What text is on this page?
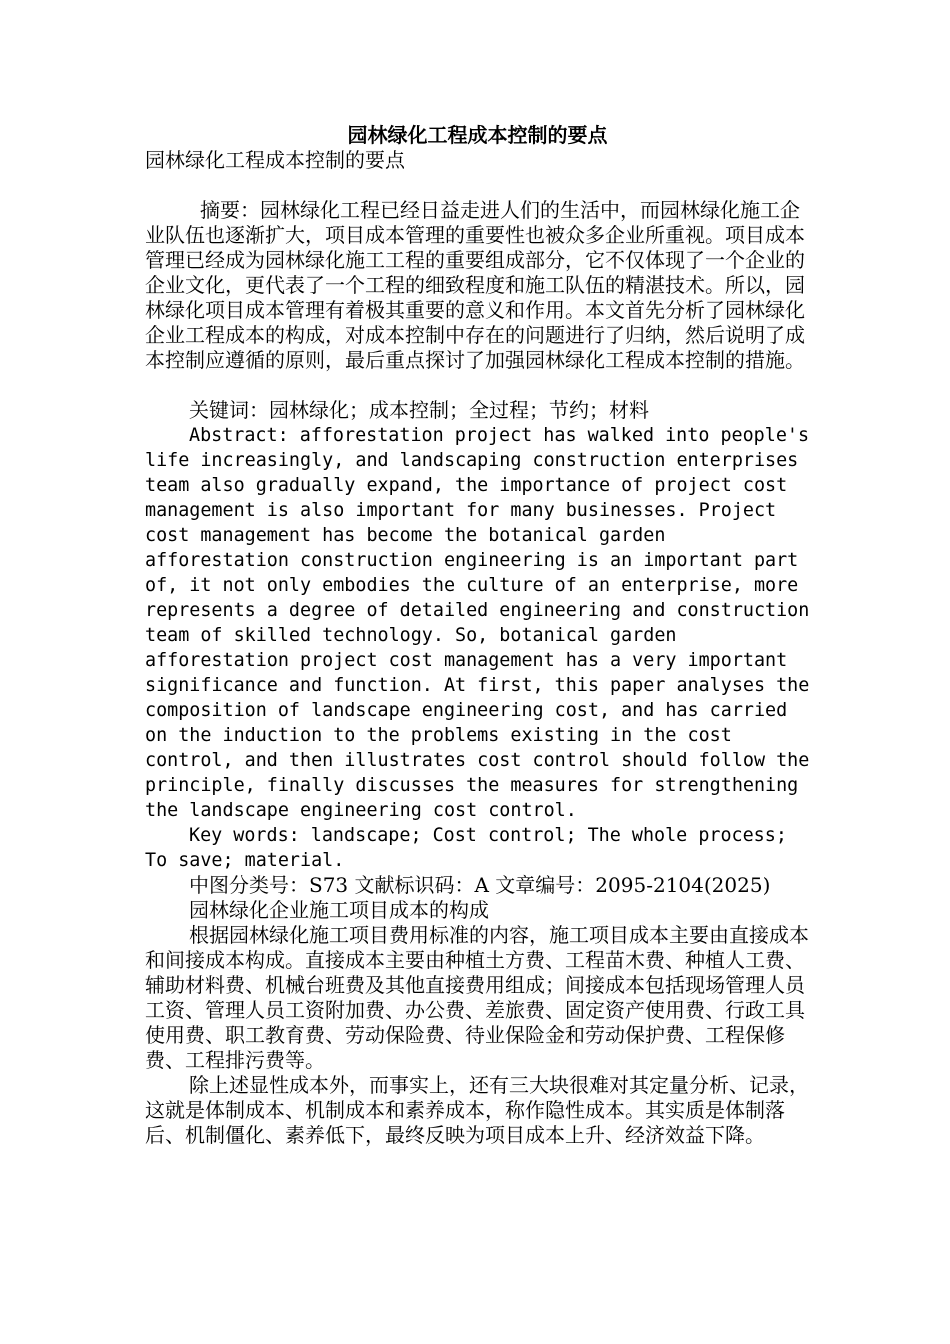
园林绿化工程成本控制的要点

园林绿化工程成本控制的要点

摘要：园林绿化工程已经日益走进人们的生活中，而园林绿化施工企业队伍也逐渐扩大，项目成本管理的重要性也被众多企业所重视。项目成本管理已经成为园林绿化施工工程的重要组成部分，它不仅体现了一个企业的企业文化，更代表了一个工程的细致程度和施工队伍的精湛技术。所以，园林绿化项目成本管理有着极其重要的意义和作用。本文首先分析了园林绿化企业工程成本的构成，对成本控制中存在的问题进行了归纳，然后说明了成本控制应遵循的原则，最后重点探讨了加强园林绿化工程成本控制的措施。

关键词：园林绿化；成本控制；全过程；节约；材料

Abstract: afforestation project has walked into people's life increasingly, and landscaping construction enterprises team also gradually expand, the importance of project cost management is also important for many businesses. Project cost management has become the botanical garden afforestation construction engineering is an important part of, it not only embodies the culture of an enterprise, more represents a degree of detailed engineering and construction team of skilled technology. So, botanical garden afforestation project cost management has a very important significance and function. At first, this paper analyses the composition of landscape engineering cost, and has carried on the induction to the problems existing in the cost control, and then illustrates cost control should follow the principle, finally discusses the measures for strengthening the landscape engineering cost control.

Key words: landscape; Cost control; The whole process; To save; material.

中图分类号：S73 文献标识码：A 文章编号：2095-2104(2025)

园林绿化企业施工项目成本的构成

根据园林绿化施工项目费用标准的内容，施工项目成本主要由直接成本和间接成本构成。直接成本主要由种植土方费、工程苗木费、种植人工费、辅助材料费、机械台班费及其他直接费用组成；间接成本包括现场管理人员工资、管理人员工资附加费、办公费、差旅费、固定资产使用费、行政工具使用费、职工教育费、劳动保险费、待业保险金和劳动保护费、工程保修费、工程排污费等。

除上述显性成本外，而事实上，还有三大块很难对其定量分析、记录，这就是体制成本、机制成本和素养成本，称作隐性成本。其实质是体制落后、机制僵化、素养低下，最终反映为项目成本上升、经济效益下降。
